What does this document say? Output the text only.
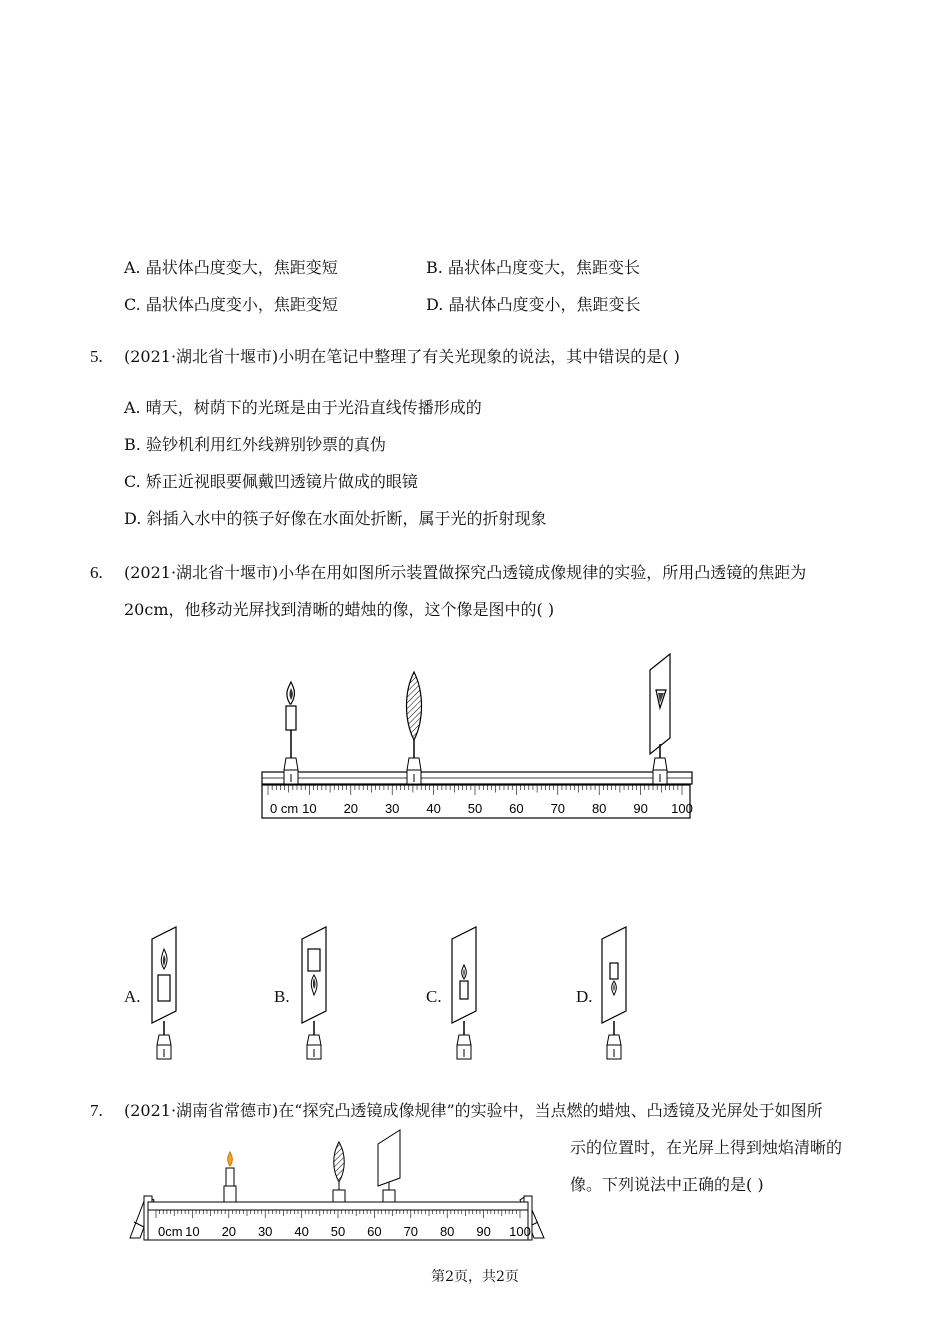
A. 晶状体凸度变大，焦距变短	B. 晶状体凸度变大，焦距变长
C. 晶状体凸度变小，焦距变短	D. 晶状体凸度变小，焦距变长
5. (2021·湖北省十堰市)小明在笔记中整理了有关光现象的说法，其中错误的是( )
A. 晴天，树荫下的光斑是由于光沿直线传播形成的
B. 验钞机利用红外线辨别钞票的真伪
C. 矫正近视眼要佩戴凹透镜片做成的眼镜
D. 斜插入水中的筷子好像在水面处折断，属于光的折射现象
6. (2021·湖北省十堰市)小华在用如图所示装置做探究凸透镜成像规律的实验，所用凸透镜的焦距为
20cm，他移动光屏找到清晰的蜡烛的像，这个像是图中的( )
0 cm 10 20 30 40 50 60 70 80 90 100
A.	B.	C.	D.
7. (2021·湖南省常德市)在“探究凸透镜成像规律”的实验中，当点燃的蜡烛、凸透镜及光屏处于如图所
示的位置时，在光屏上得到烛焰清晰的
像。下列说法中正确的是( )
0cm 10 20 30 40 50 60 70 80 90 100
第2页，共2页
